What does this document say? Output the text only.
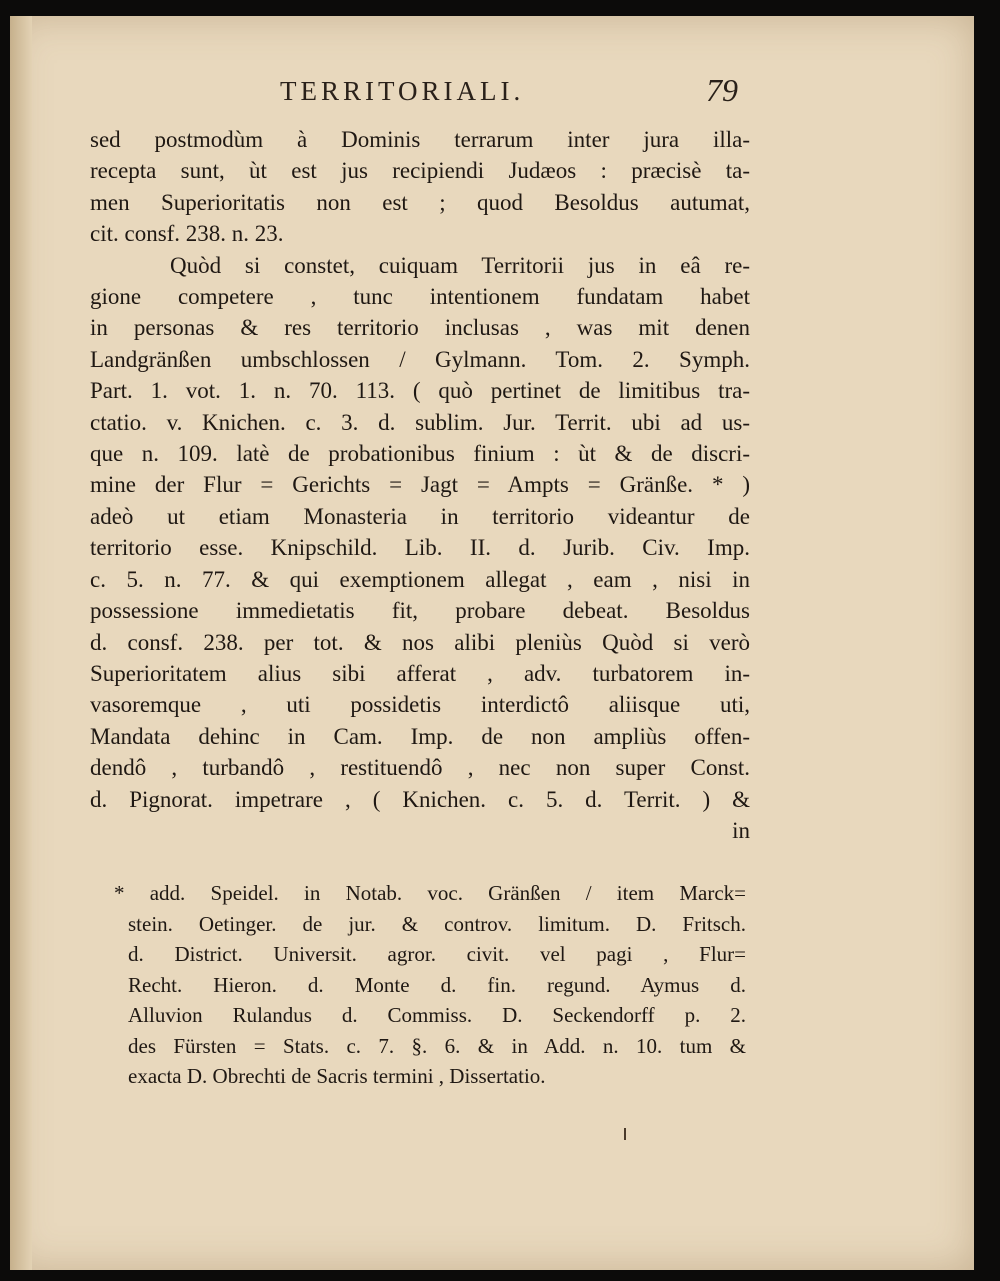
TERRITORIALI.	79
sed postmodùm à Dominis terrarum inter jura illa-
recepta sunt, ùt est jus recipiendi Judæos : præcisè ta-
men Superioritatis non est ; quod Besoldus autumat,
cit. consf. 238. n. 23.
Quòd si constet, cuiquam Territorii jus in eâ re-
gione competere , tunc intentionem fundatam habet
in personas & res territorio inclusas , was mit denen
Landgränßen umbschlossen / Gylmann. Tom. 2. Symph.
Part. 1. vot. 1. n. 70. 113. ( quò pertinet de limitibus tra-
ctatio. v. Knichen. c. 3. d. sublim. Jur. Territ. ubi ad us-
que n. 109. latè de probationibus finium : ùt & de discri-
mine der Flur = Gerichts = Jagt = Ampts = Gränße. * )
adeò ut etiam Monasteria in territorio videantur de
territorio esse. Knipschild. Lib. II. d. Jurib. Civ. Imp.
c. 5. n. 77. & qui exemptionem allegat , eam , nisi in
possessione immedietatis fit, probare debeat. Besoldus
d. consf. 238. per tot. & nos alibi pleniùs Quòd si verò
Superioritatem alius sibi afferat , adv. turbatorem in-
vasoremque , uti possidetis interdictô aliisque uti,
Mandata dehinc in Cam. Imp. de non ampliùs offen-
dendô , turbandô , restituendô , nec non super Const.
d. Pignorat. impetrare , ( Knichen. c. 5. d. Territ. ) &
in
* add. Speidel. in Notab. voc. Gränßen / item Marck=
stein. Oetinger. de jur. & controv. limitum. D. Fritsch.
d. District. Universit. agror. civit. vel pagi , Flur=
Recht. Hieron. d. Monte d. fin. regund. Aymus d.
Alluvion Rulandus d. Commiss. D. Seckendorff p. 2.
des Fürsten = Stats. c. 7. §. 6. & in Add. n. 10. tum &
exacta D. Obrechti de Sacris termini , Dissertatio.
